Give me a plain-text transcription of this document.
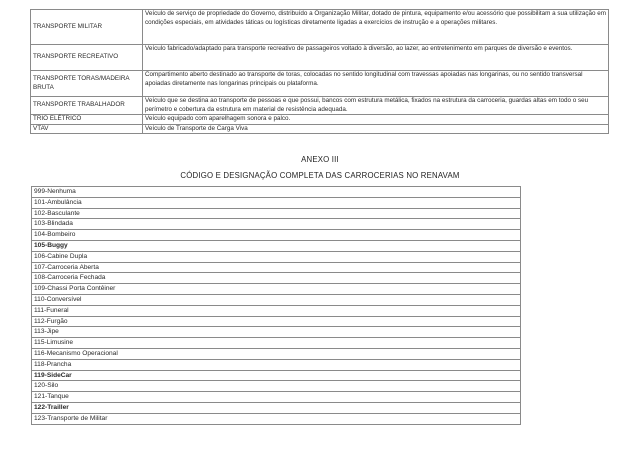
TRANSPORTE MILITAR	Veículo de serviço de propriedade do Governo, distribuído a Organização Militar, dotado de pintura, equipamento e/ou acessório que possibilitam a sua utilização em condições especiais, em atividades táticas ou logísticas diretamente ligadas a exercícios de instrução e a operações militares.
TRANSPORTE RECREATIVO	Veículo fabricado/adaptado para transporte recreativo de passageiros voltado à diversão, ao lazer, ao entretenimento em parques de diversão e eventos.
TRANSPORTE TORAS/MADEIRA BRUTA	Compartimento aberto destinado ao transporte de toras, colocadas no sentido longitudinal com travessas apoiadas nas longarinas, ou no sentido transversal apoiadas diretamente nas longarinas principais ou plataforma.
TRANSPORTE TRABALHADOR	Veículo que se destina ao transporte de pessoas e que possui, bancos com estrutura metálica, fixados na estrutura da carroceria, guardas altas em todo o seu perímetro e cobertura da estrutura em material de resistência adequada.
TRIO ELÉTRICO	Veículo equipado com aparelhagem sonora e palco.
VTAV	Veículo de Transporte de Carga Viva
ANEXO III
CÓDIGO E DESIGNAÇÃO COMPLETA DAS CARROCERIAS NO RENAVAM
999-Nenhuma
101-Ambulância
102-Basculante
103-Blindada
104-Bombeiro
105-Buggy
106-Cabine Dupla
107-Carroceria Aberta
108-Carroceria Fechada
109-Chassi Porta Contêiner
110-Conversível
111-Funeral
112-Furgão
113-Jipe
115-Limusine
116-Mecanismo Operacional
118-Prancha
119-SideCar
120-Silo
121-Tanque
122-Trailler
123-Transporte de Militar
